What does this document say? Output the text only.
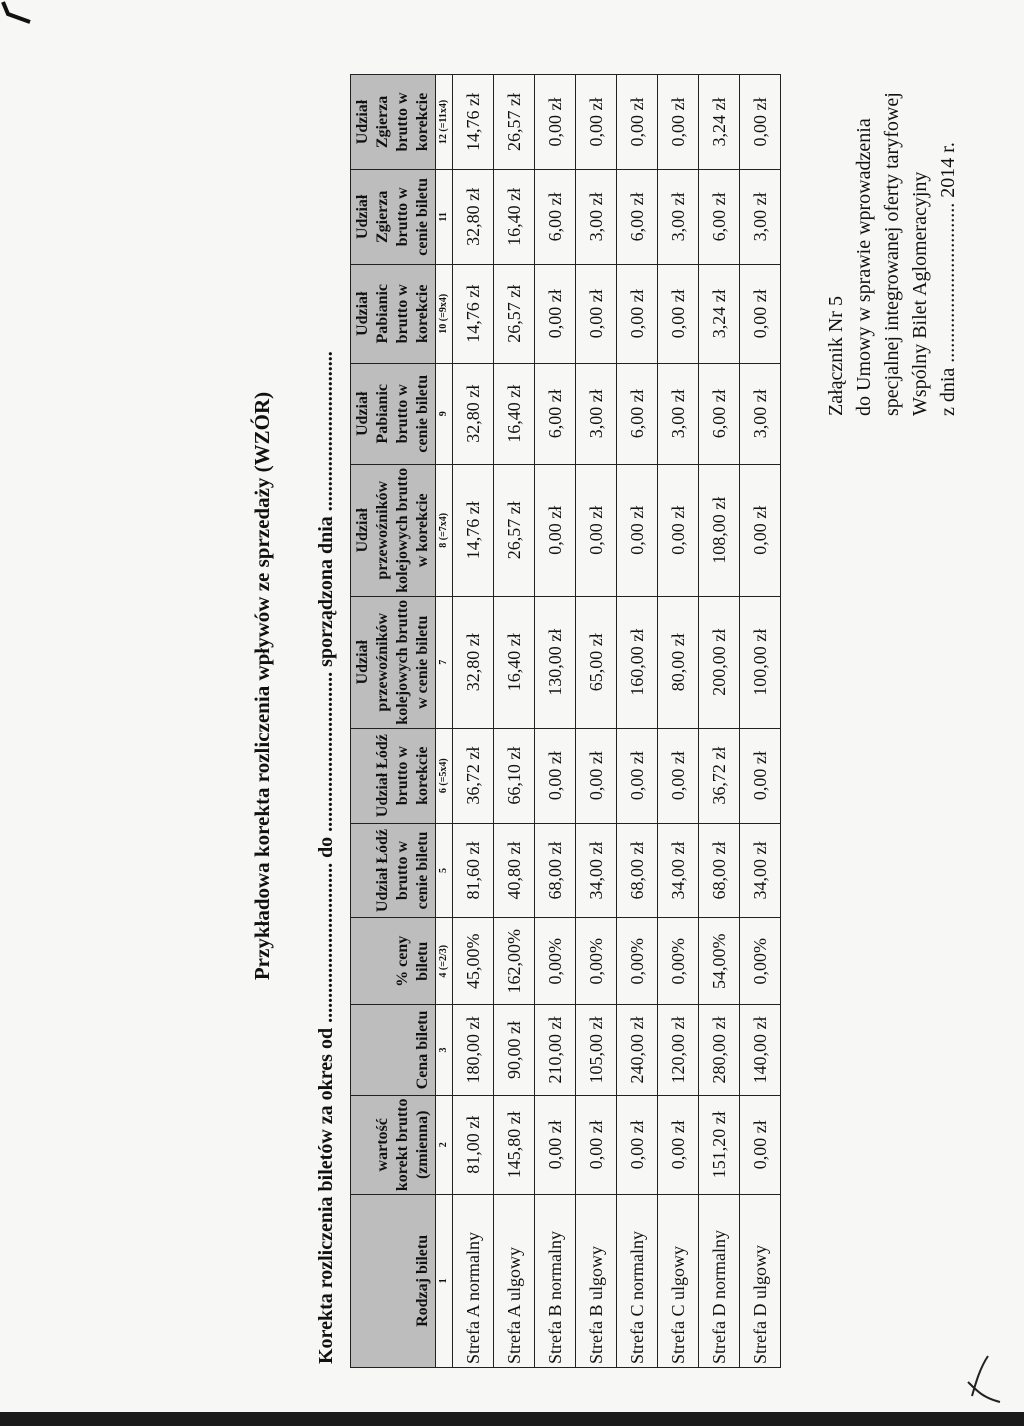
Załącznik Nr 5 do Umowy w sprawie wprowadzenia specjalnej integrowanej oferty taryfowej Wspólny Bilet Aglomeracyjny z dnia ................................ 2014 r.
Przykładowa korekta rozliczenia wpływów ze sprzedaży (WZÓR) Korekta rozliczenia biletów za okres od ................................ do ................................ sporządzona dnia ................................	Rodzaj biletu	wartość korekt brutto (zmienna)	Cena biletu	% ceny biletu	Udział Łódź brutto w cenie biletu	Udział Łódź brutto w korekcie	Udział przewoźników kolejowych brutto w cenie biletu	Udział przewoźników kolejowych brutto w korekcie	Udział Pabianic brutto w cenie biletu	Udział Pabianic brutto w korekcie	Udział Zgierza brutto w cenie biletu	Udział Zgierza brutto w korekcie
1	2	3	4 (=2/3)	5	6 (=5x4)	7	8 (=7x4)	9	10 (=9x4)	11	12 (=11x4)
Strefa A normalny	81,00 zł	180,00 zł	45,00%	81,60 zł	36,72 zł	32,80 zł	14,76 zł	32,80 zł	14,76 zł	32,80 zł	14,76 zł
Strefa A ulgowy	145,80 zł	90,00 zł	162,00%	40,80 zł	66,10 zł	16,40 zł	26,57 zł	16,40 zł	26,57 zł	16,40 zł	26,57 zł
Strefa B normalny	0,00 zł	210,00 zł	0,00%	68,00 zł	0,00 zł	130,00 zł	0,00 zł	6,00 zł	0,00 zł	6,00 zł	0,00 zł
Strefa B ulgowy	0,00 zł	105,00 zł	0,00%	34,00 zł	0,00 zł	65,00 zł	0,00 zł	3,00 zł	0,00 zł	3,00 zł	0,00 zł
Strefa C normalny	0,00 zł	240,00 zł	0,00%	68,00 zł	0,00 zł	160,00 zł	0,00 zł	6,00 zł	0,00 zł	6,00 zł	0,00 zł
Strefa C ulgowy	0,00 zł	120,00 zł	0,00%	34,00 zł	0,00 zł	80,00 zł	0,00 zł	3,00 zł	0,00 zł	3,00 zł	0,00 zł
Strefa D normalny	151,20 zł	280,00 zł	54,00%	68,00 zł	36,72 zł	200,00 zł	108,00 zł	6,00 zł	3,24 zł	6,00 zł	3,24 zł
Strefa D ulgowy	0,00 zł	140,00 zł	0,00%	34,00 zł	0,00 zł	100,00 zł	0,00 zł	3,00 zł	0,00 zł	3,00 zł	0,00 zł
